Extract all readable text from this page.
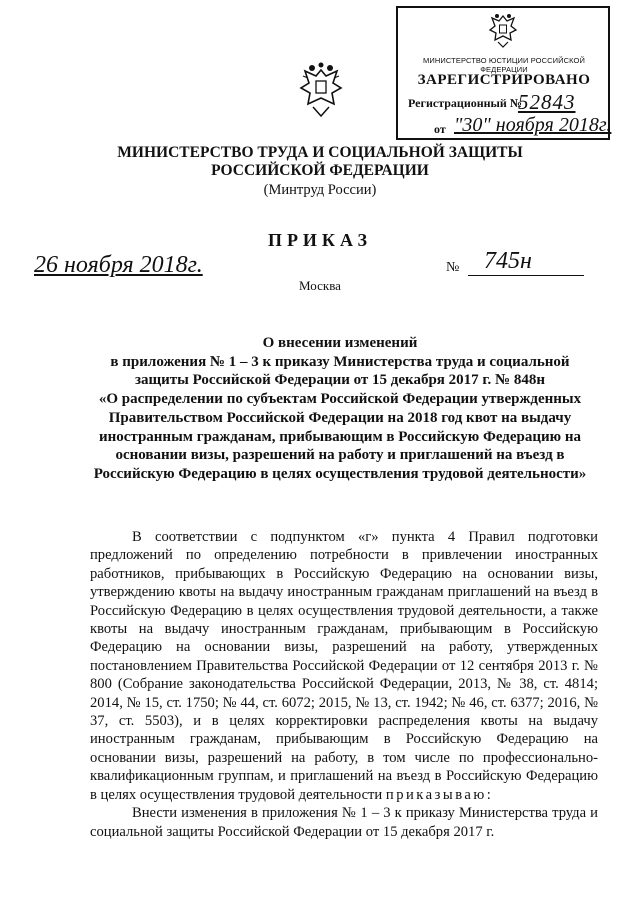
МИНИСТЕРСТВО ЮСТИЦИИ РОССИЙСКОЙ ФЕДЕРАЦИИ
ЗАРЕГИСТРИРОВАНО
Регистрационный №
52843
от "30" ноября 2018г.
МИНИСТЕРСТВО ТРУДА И СОЦИАЛЬНОЙ ЗАЩИТЫ
РОССИЙСКОЙ ФЕДЕРАЦИИ
(Минтруд России)
ПРИКАЗ
26 ноября 2018г.	№ 745н
Москва
О внесении изменений
в приложения № 1 – 3 к приказу Министерства труда и социальной
защиты Российской Федерации от 15 декабря 2017 г. № 848н
«О распределении по субъектам Российской Федерации утвержденных
Правительством Российской Федерации на 2018 год квот на выдачу
иностранным гражданам, прибывающим в Российскую Федерацию на
основании визы, разрешений на работу и приглашений на въезд в
Российскую Федерацию в целях осуществления трудовой деятельности»

В соответствии с подпунктом «г» пункта 4 Правил подготовки предложений по определению потребности в привлечении иностранных работников, прибывающих в Российскую Федерацию на основании визы, утверждению квоты на выдачу иностранным гражданам приглашений на въезд в Российскую Федерацию в целях осуществления трудовой деятельности, а также квоты на выдачу иностранным гражданам, прибывающим в Российскую Федерацию на основании визы, разрешений на работу, утвержденных постановлением Правительства Российской Федерации от 12 сентября 2013 г. № 800 (Собрание законодательства Российской Федерации, 2013, № 38, ст. 4814; 2014, № 15, ст. 1750; № 44, ст. 6072; 2015, № 13, ст. 1942; № 46, ст. 6377; 2016, № 37, ст. 5503), и в целях корректировки распределения квоты на выдачу иностранным гражданам, прибывающим в Российскую Федерацию на основании визы, разрешений на работу, в том числе по профессионально-квалификационным группам, и приглашений на въезд в Российскую Федерацию в целях осуществления трудовой деятельности приказываю:

Внести изменения в приложения № 1 – 3 к приказу Министерства труда и социальной защиты Российской Федерации от 15 декабря 2017 г.
